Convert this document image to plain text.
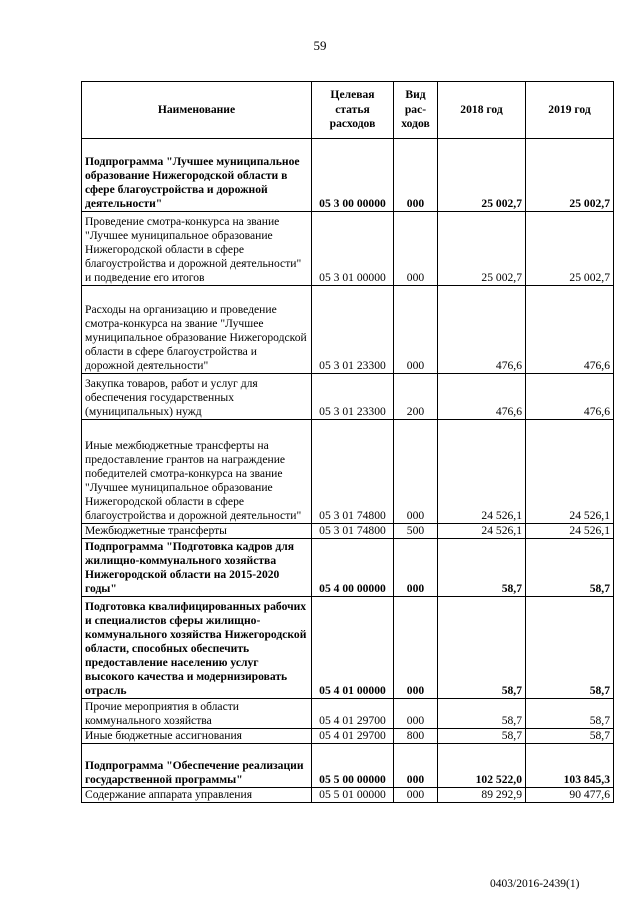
59
Наименование	Целевая статья расходов	Вид рас-ходов	2018 год	2019 год
Подпрограмма "Лучшее муниципальное образование Нижегородской области в сфере благоустройства и дорожной деятельности"	05 3 00 00000	000	25 002,7	25 002,7
Проведение смотра-конкурса на звание "Лучшее муниципальное образование Нижегородской области в сфере благоустройства и дорожной деятельности" и подведение его итогов	05 3 01 00000	000	25 002,7	25 002,7
Расходы на организацию и проведение смотра-конкурса на звание "Лучшее муниципальное образование Нижегородской области в сфере благоустройства и дорожной деятельности"	05 3 01 23300	000	476,6	476,6
Закупка товаров, работ и услуг для обеспечения государственных (муниципальных) нужд	05 3 01 23300	200	476,6	476,6
Иные межбюджетные трансферты на предоставление грантов на награждение победителей смотра-конкурса на звание "Лучшее муниципальное образование Нижегородской области в сфере благоустройства и дорожной деятельности"	05 3 01 74800	000	24 526,1	24 526,1
Межбюджетные трансферты	05 3 01 74800	500	24 526,1	24 526,1
Подпрограмма "Подготовка кадров для жилищно-коммунального хозяйства Нижегородской области на 2015-2020 годы"	05 4 00 00000	000	58,7	58,7
Подготовка квалифицированных рабочих и специалистов сферы жилищно-коммунального хозяйства Нижегородской области, способных обеспечить предоставление населению услуг высокого качества и модернизировать отрасль	05 4 01 00000	000	58,7	58,7
Прочие мероприятия в области коммунального хозяйства	05 4 01 29700	000	58,7	58,7
Иные бюджетные ассигнования	05 4 01 29700	800	58,7	58,7
Подпрограмма "Обеспечение реализации государственной программы"	05 5 00 00000	000	102 522,0	103 845,3
Содержание аппарата управления	05 5 01 00000	000	89 292,9	90 477,6
0403/2016-2439(1)
